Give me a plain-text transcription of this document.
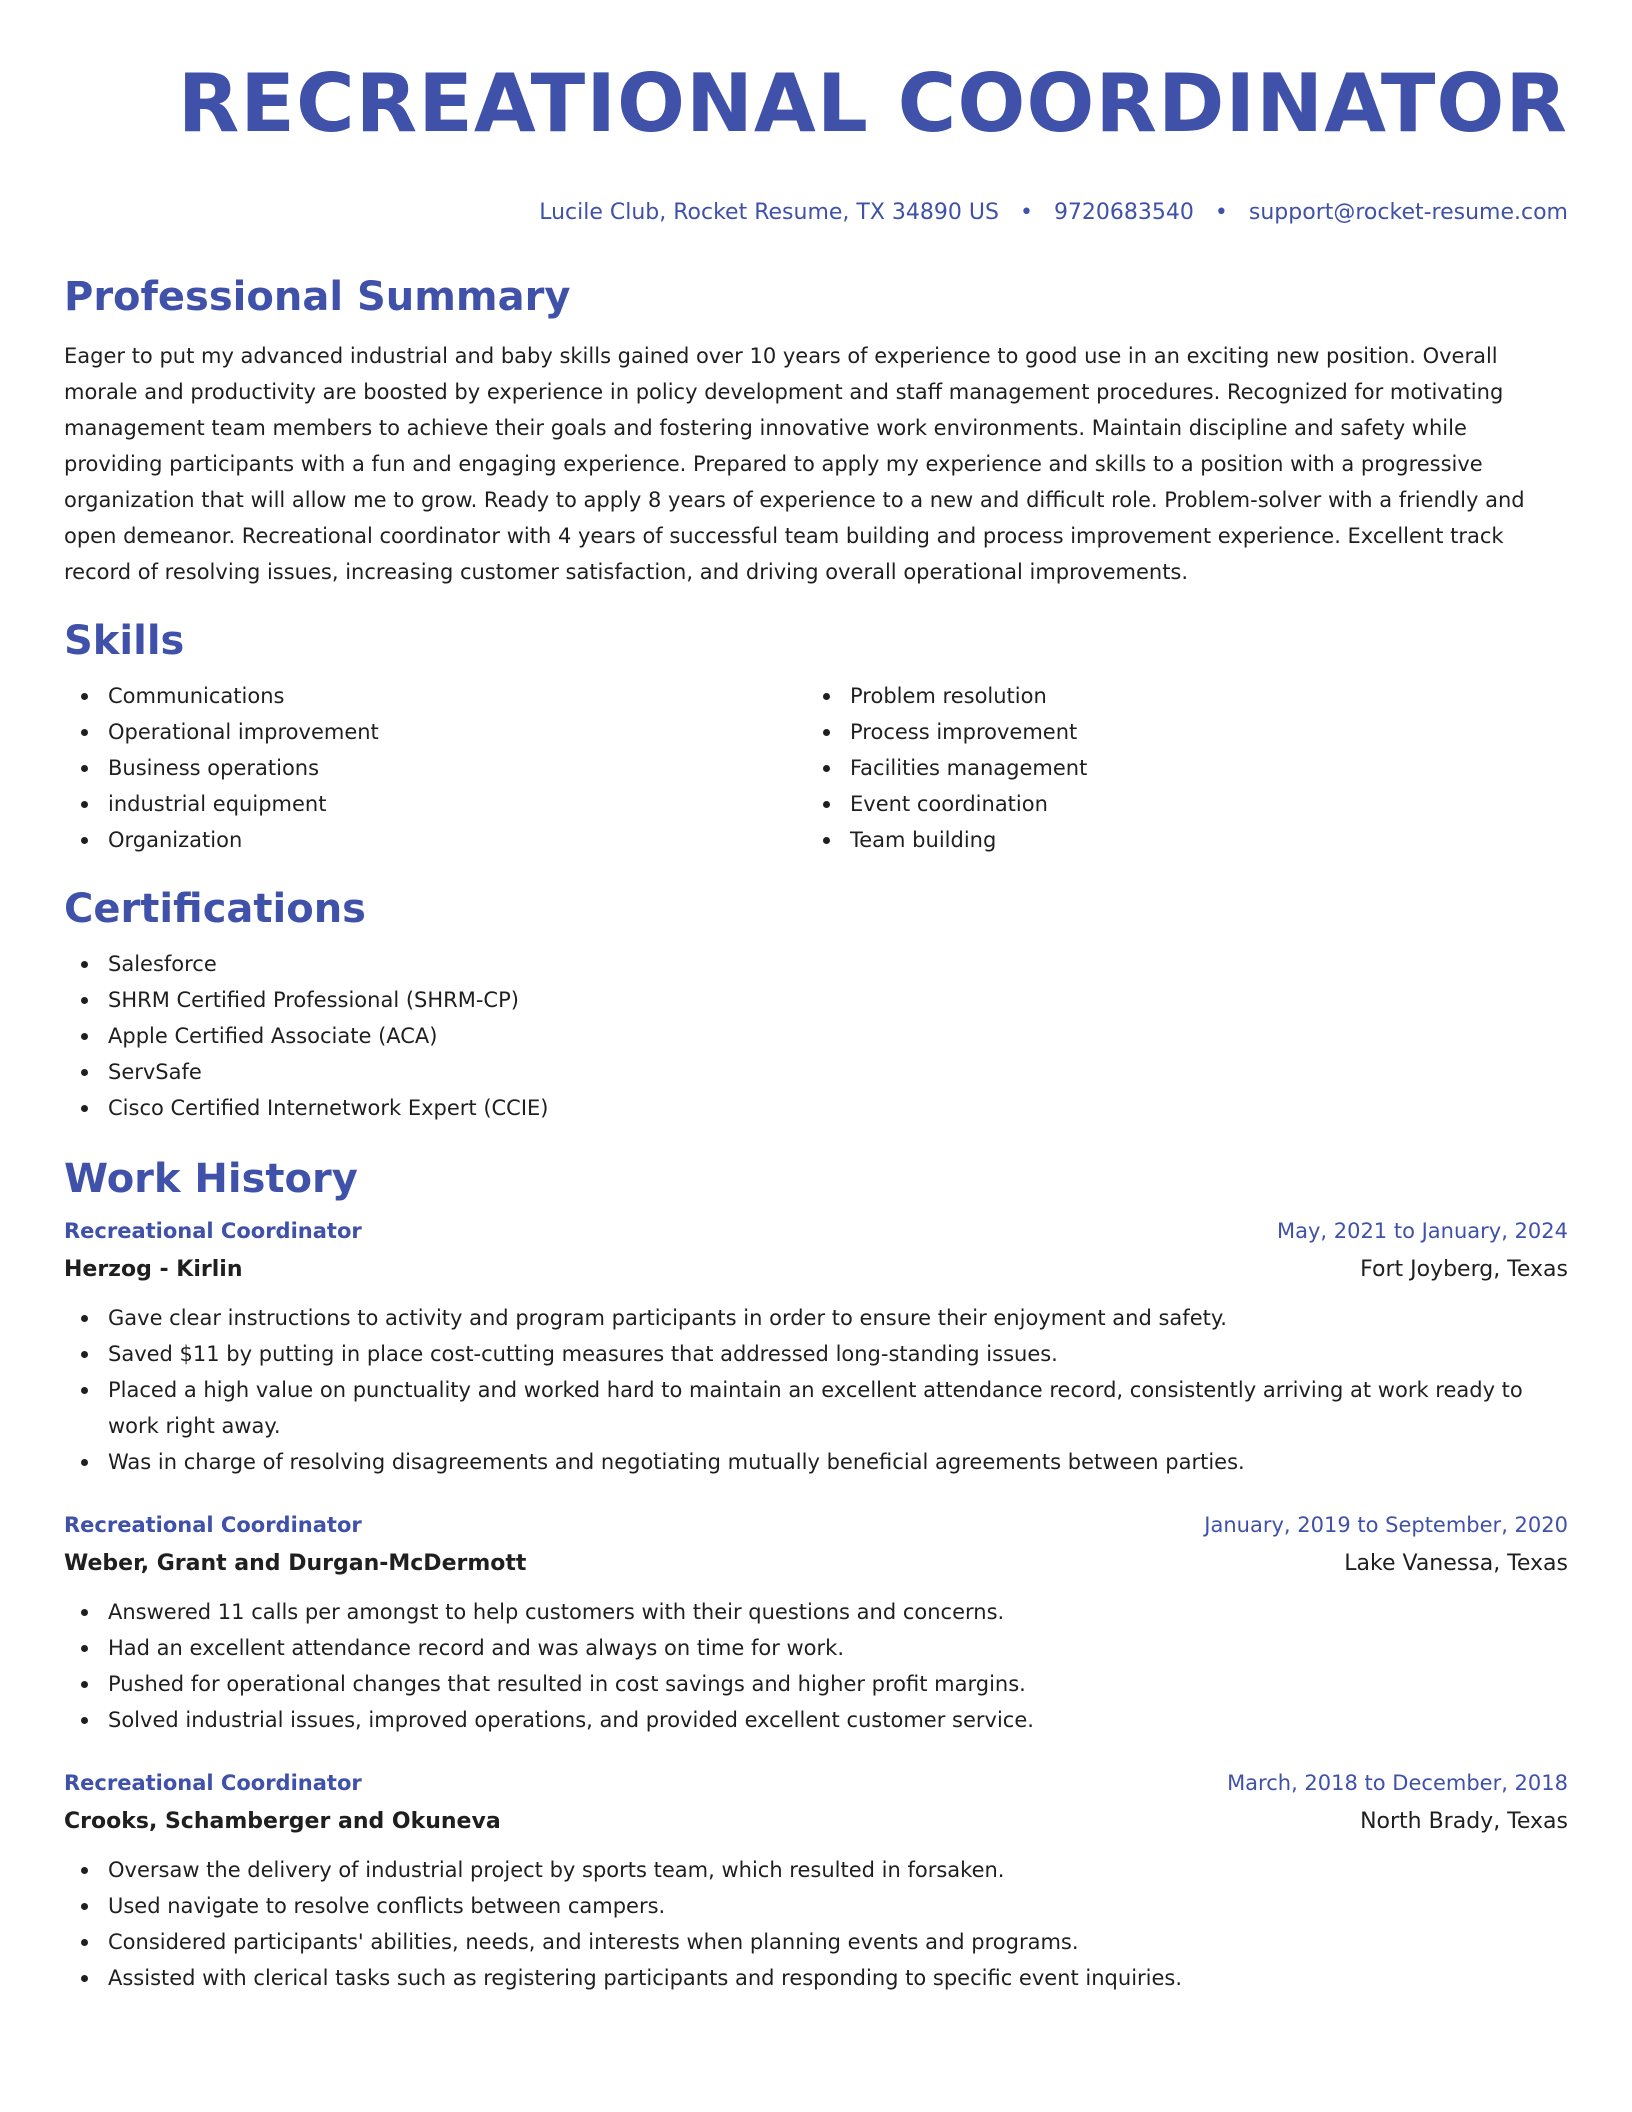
RECREATIONAL COORDINATOR
Lucile Club, Rocket Resume, TX 34890 US • 9720683540 • support@rocket-resume.com
Professional Summary

Eager to put my advanced industrial and baby skills gained over 10 years of experience to good use in an exciting new position. Overall morale and productivity are boosted by experience in policy development and staff management procedures. Recognized for motivating management team members to achieve their goals and fostering innovative work environments. Maintain discipline and safety while providing participants with a fun and engaging experience. Prepared to apply my experience and skills to a position with a progressive organization that will allow me to grow. Ready to apply 8 years of experience to a new and difficult role. Problem-solver with a friendly and open demeanor. Recreational coordinator with 4 years of successful team building and process improvement experience. Excellent track record of resolving issues, increasing customer satisfaction, and driving overall operational improvements.

Skills
Communications
Operational improvement
Business operations
industrial equipment
Organization
Problem resolution
Process improvement
Facilities management
Event coordination
Team building
Certifications
Salesforce
SHRM Certified Professional (SHRM-CP)
Apple Certified Associate (ACA)
ServSafe
Cisco Certified Internetwork Expert (CCIE)
Work History
Recreational Coordinator	May, 2021 to January, 2024
Herzog - Kirlin	Fort Joyberg, Texas
Gave clear instructions to activity and program participants in order to ensure their enjoyment and safety.
Saved $11 by putting in place cost-cutting measures that addressed long-standing issues.
Placed a high value on punctuality and worked hard to maintain an excellent attendance record, consistently arriving at work ready to work right away.
Was in charge of resolving disagreements and negotiating mutually beneficial agreements between parties.
Recreational Coordinator	January, 2019 to September, 2020
Weber, Grant and Durgan-McDermott	Lake Vanessa, Texas
Answered 11 calls per amongst to help customers with their questions and concerns.
Had an excellent attendance record and was always on time for work.
Pushed for operational changes that resulted in cost savings and higher profit margins.
Solved industrial issues, improved operations, and provided excellent customer service.
Recreational Coordinator	March, 2018 to December, 2018
Crooks, Schamberger and Okuneva	North Brady, Texas
Oversaw the delivery of industrial project by sports team, which resulted in forsaken.
Used navigate to resolve conflicts between campers.
Considered participants' abilities, needs, and interests when planning events and programs.
Assisted with clerical tasks such as registering participants and responding to specific event inquiries.
